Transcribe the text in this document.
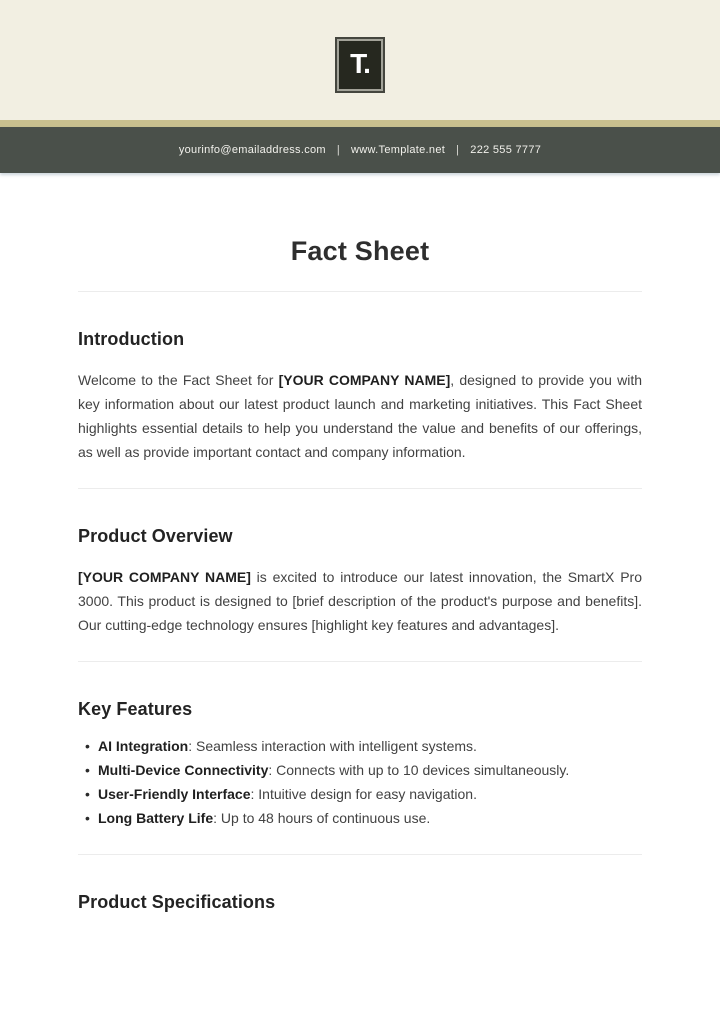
T.
yourinfo@emailaddress.com | www.Template.net | 222 555 7777
Fact Sheet
Introduction

Welcome to the Fact Sheet for [YOUR COMPANY NAME], designed to provide you with key information about our latest product launch and marketing initiatives. This Fact Sheet highlights essential details to help you understand the value and benefits of our offerings, as well as provide important contact and company information.

Product Overview

[YOUR COMPANY NAME] is excited to introduce our latest innovation, the SmartX Pro 3000. This product is designed to [brief description of the product's purpose and benefits]. Our cutting-edge technology ensures [highlight key features and advantages].

Key Features
• AI Integration: Seamless interaction with intelligent systems.
• Multi-Device Connectivity: Connects with up to 10 devices simultaneously.
• User-Friendly Interface: Intuitive design for easy navigation.
• Long Battery Life: Up to 48 hours of continuous use.
Product Specifications
